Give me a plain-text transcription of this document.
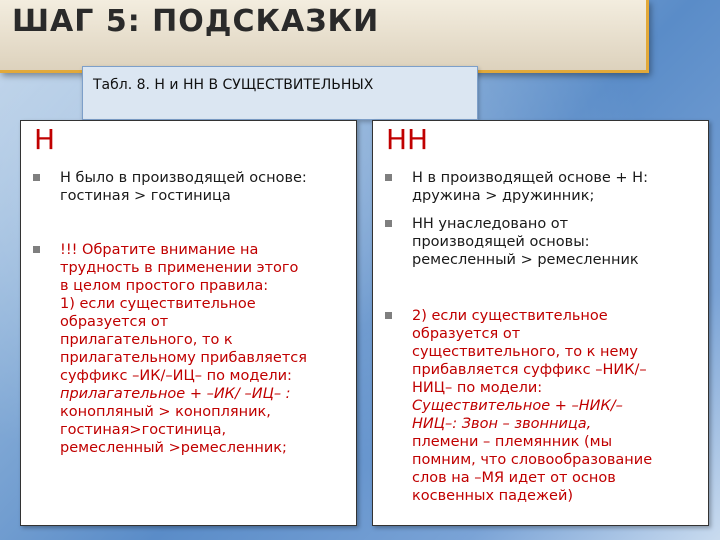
ШАГ 5: ПОДСКАЗКИ
Табл. 8. Н и НН В СУЩЕСТВИТЕЛЬНЫХ
Н
Н было в производящей основе:
гостиная > гостиница
!!! Обратите внимание на
трудность в применении этого
в целом простого правила:
1) если существительное
образуется от
прилагательного, то к
прилагательному прибавляется
суффикс –ИК/–ИЦ– по модели:
прилагательное + –ИК/ –ИЦ– :
конопляный > конопляник,
гостиная>гостиница,
ремесленный >ремесленник;
НН
Н в производящей основе + Н:
дружина > дружинник;
НН унаследовано от
производящей основы:
ремесленный > ремесленник
2) если существительное
образуется от
существительного, то к нему
прибавляется суффикс –НИК/–
НИЦ– по модели:
Существительное + –НИК/–
НИЦ–: Звон – звонница,
племени – племянник (мы
помним, что словообразование
слов на –МЯ идет от основ
косвенных падежей)
